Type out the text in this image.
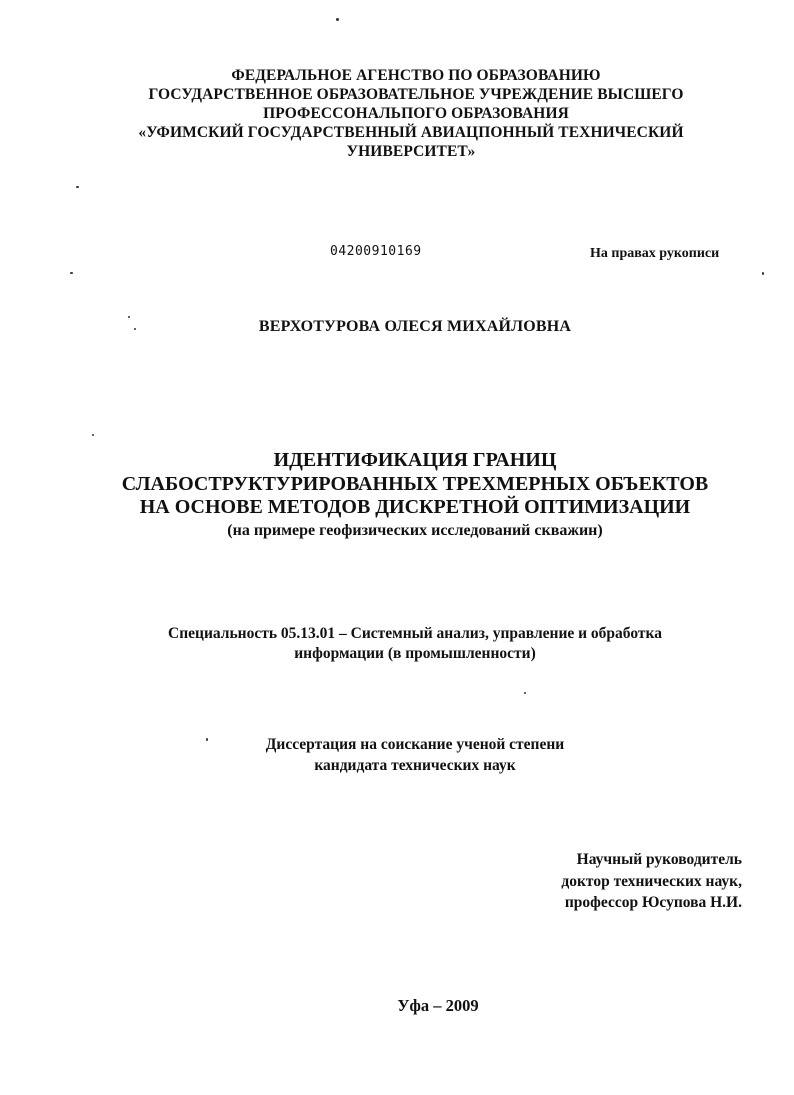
ФЕДЕРАЛЬНОЕ АГЕНСТВО ПО ОБРАЗОВАНИЮ
ГОСУДАРСТВЕННОЕ ОБРАЗОВАТЕЛЬНОЕ УЧРЕЖДЕНИЕ ВЫСШЕГО
ПРОФЕССОНАЛЬПОГО ОБРАЗОВАНИЯ
«УФИМСКИЙ ГОСУДАРСТВЕННЫЙ АВИАЦПОННЫЙ ТЕХНИЧЕСКИЙ
УНИВЕРСИТЕТ»
04200910169	На правах рукописи
ВЕРХОТУРОВА ОЛЕСЯ МИХАЙЛОВНА
ИДЕНТИФИКАЦИЯ ГРАНИЦ
СЛАБОСТРУКТУРИРОВАННЫХ ТРЕХМЕРНЫХ ОБЪЕКТОВ
НА ОСНОВЕ МЕТОДОВ ДИСКРЕТНОЙ ОПТИМИЗАЦИИ
(на примере геофизических исследований скважин)
Специальность 05.13.01 – Системный анализ, управление и обработка
информации (в промышленности)
Диссертация на соискание ученой степени
кандидата технических наук
Научный руководитель
доктор технических наук,
профессор Юсупова Н.И.
Уфа – 2009
